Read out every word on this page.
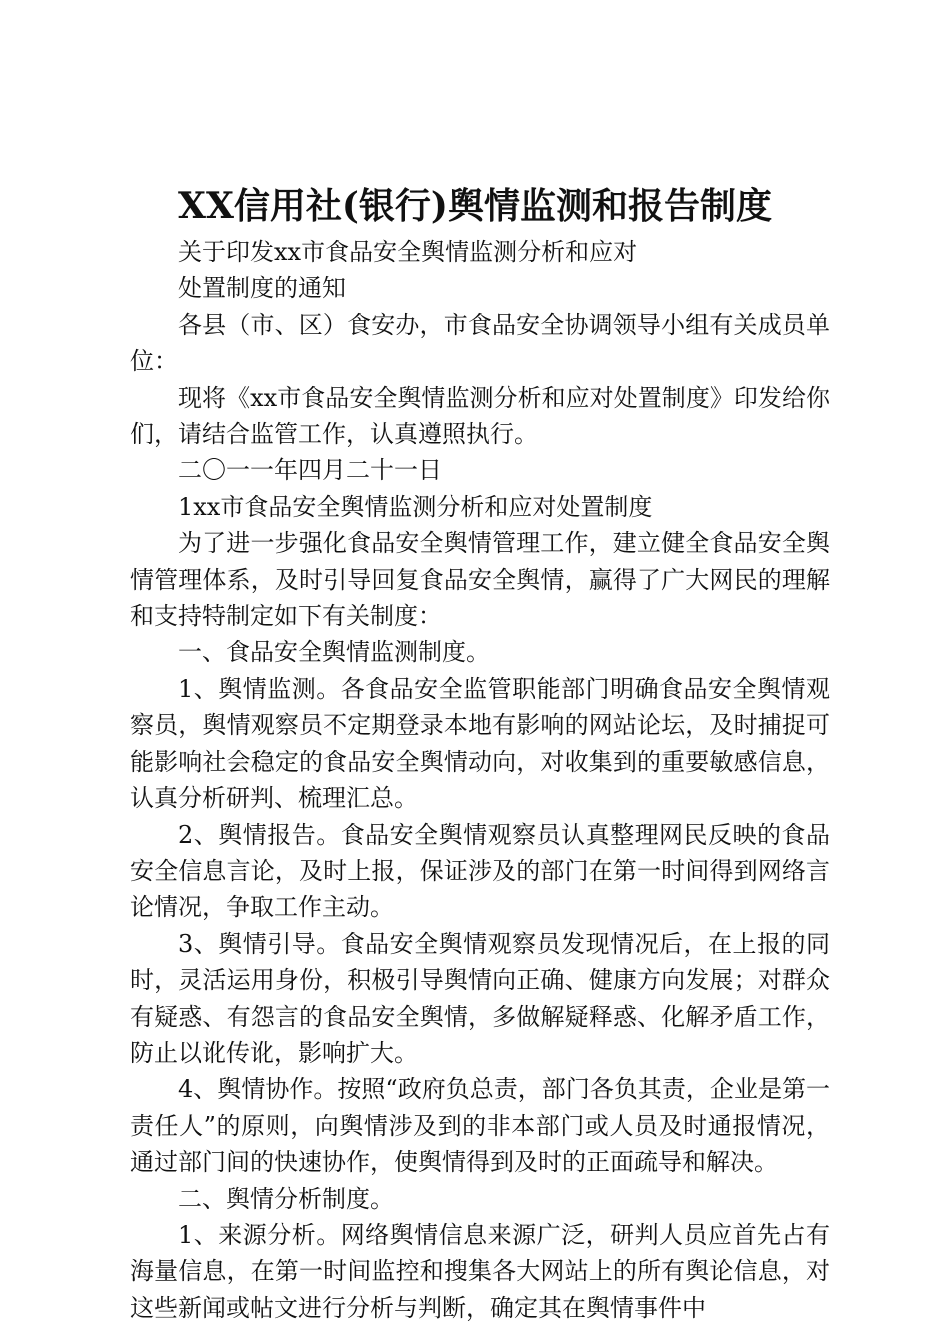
XX信用社(银行)舆情监测和报告制度

关于印发xx市食品安全舆情监测分析和应对

处置制度的通知

各县（市、区）食安办，市食品安全协调领导小组有关成员单位：

现将《xx市食品安全舆情监测分析和应对处置制度》印发给你们，请结合监管工作，认真遵照执行。

二〇一一年四月二十一日

1xx市食品安全舆情监测分析和应对处置制度

为了进一步强化食品安全舆情管理工作，建立健全食品安全舆情管理体系，及时引导回复食品安全舆情，赢得了广大网民的理解和支持特制定如下有关制度：

一、食品安全舆情监测制度。

1、舆情监测。各食品安全监管职能部门明确食品安全舆情观察员，舆情观察员不定期登录本地有影响的网站论坛，及时捕捉可能影响社会稳定的食品安全舆情动向，对收集到的重要敏感信息，认真分析研判、梳理汇总。

2、舆情报告。食品安全舆情观察员认真整理网民反映的食品安全信息言论，及时上报，保证涉及的部门在第一时间得到网络言论情况，争取工作主动。

3、舆情引导。食品安全舆情观察员发现情况后，在上报的同时，灵活运用身份，积极引导舆情向正确、健康方向发展；对群众有疑惑、有怨言的食品安全舆情，多做解疑释惑、化解矛盾工作，防止以讹传讹，影响扩大。

4、舆情协作。按照“政府负总责，部门各负其责，企业是第一责任人”的原则，向舆情涉及到的非本部门或人员及时通报情况，通过部门间的快速协作，使舆情得到及时的正面疏导和解决。

二、舆情分析制度。

1、来源分析。网络舆情信息来源广泛，研判人员应首先占有海量信息，在第一时间监控和搜集各大网站上的所有舆论信息，对这些新闻或帖文进行分析与判断，确定其在舆情事件中
